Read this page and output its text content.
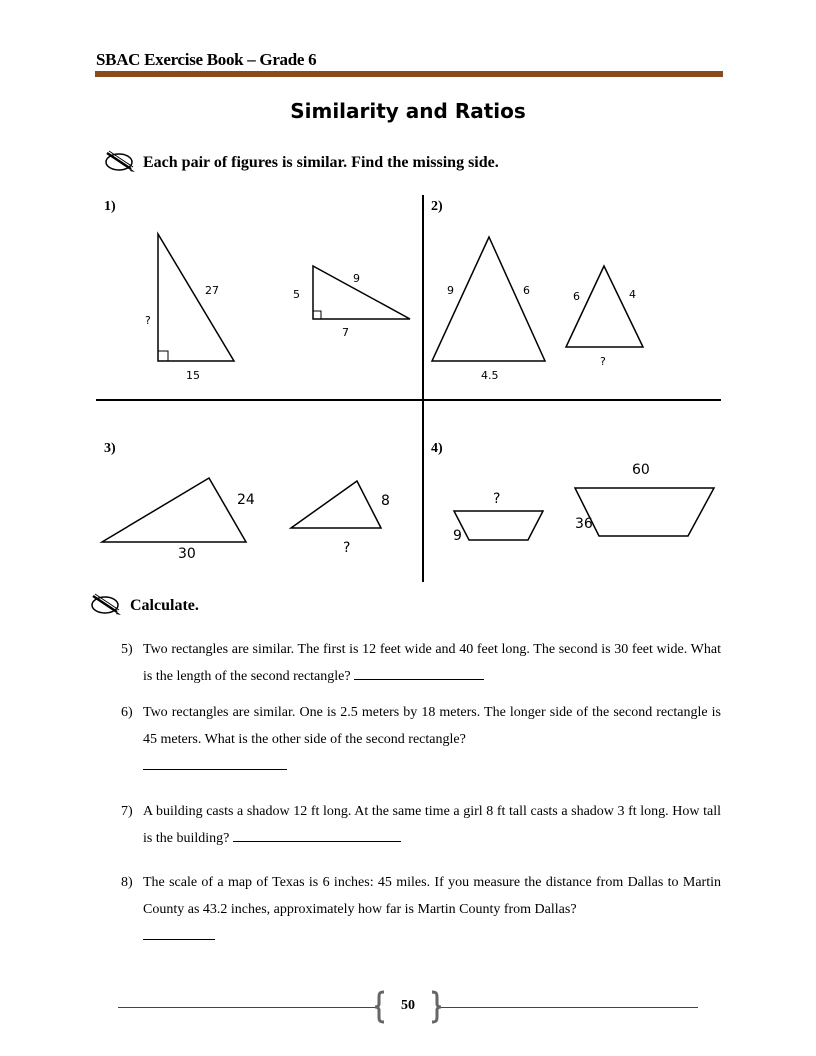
SBAC Exercise Book – Grade 6
Similarity and Ratios
Each pair of figures is similar. Find the missing side.
1)	2)
3)	4)
27
?
15
9
5
7
9	6
4.5
6	4
?
24
30
8
?
?
9
60
36
Calculate.
5) Two rectangles are similar. The first is 12 feet wide and 40 feet long. The second is 30 feet wide. What is the length of the second rectangle?
6) Two rectangles are similar. One is 2.5 meters by 18 meters. The longer side of the second rectangle is 45 meters. What is the other side of the second rectangle?

7) A building casts a shadow 12 ft long. At the same time a girl 8 ft tall casts a shadow 3 ft long. How tall is the building?
8) The scale of a map of Texas is 6 inches: 45 miles. If you measure the distance from Dallas to Martin County as 43.2 inches, approximately how far is Martin County from Dallas?

50
